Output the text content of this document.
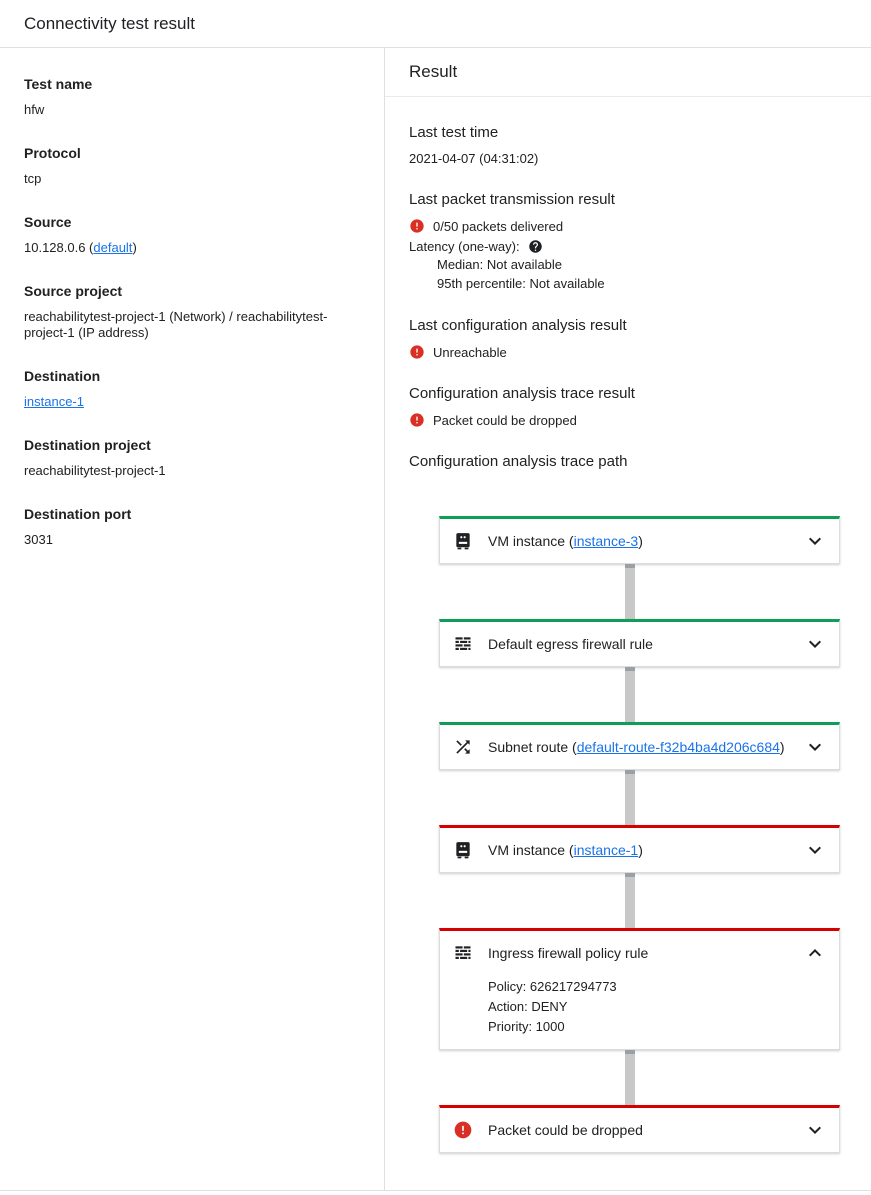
Connectivity test result
Test name
hfw
Protocol
tcp
Source
10.128.0.6 (default)
Source project
reachabilitytest-project-1 (Network) / reachabilitytest-project-1 (IP address)
Destination
instance-1
Destination project
reachabilitytest-project-1
Destination port
3031
Result
Last test time

2021-04-07 (04:31:02)

Last packet transmission result
0/50 packets delivered
Latency (one-way):
Median: Not available
95th percentile: Not available
Last configuration analysis result
Unreachable
Configuration analysis trace result
Packet could be dropped
Configuration analysis trace path
VM instance (instance-3)
Default egress firewall rule
Subnet route (default-route-f32b4ba4d206c684)
VM instance (instance-1)
Ingress firewall policy rule
Policy: 626217294773
Action: DENY
Priority: 1000
Packet could be dropped
